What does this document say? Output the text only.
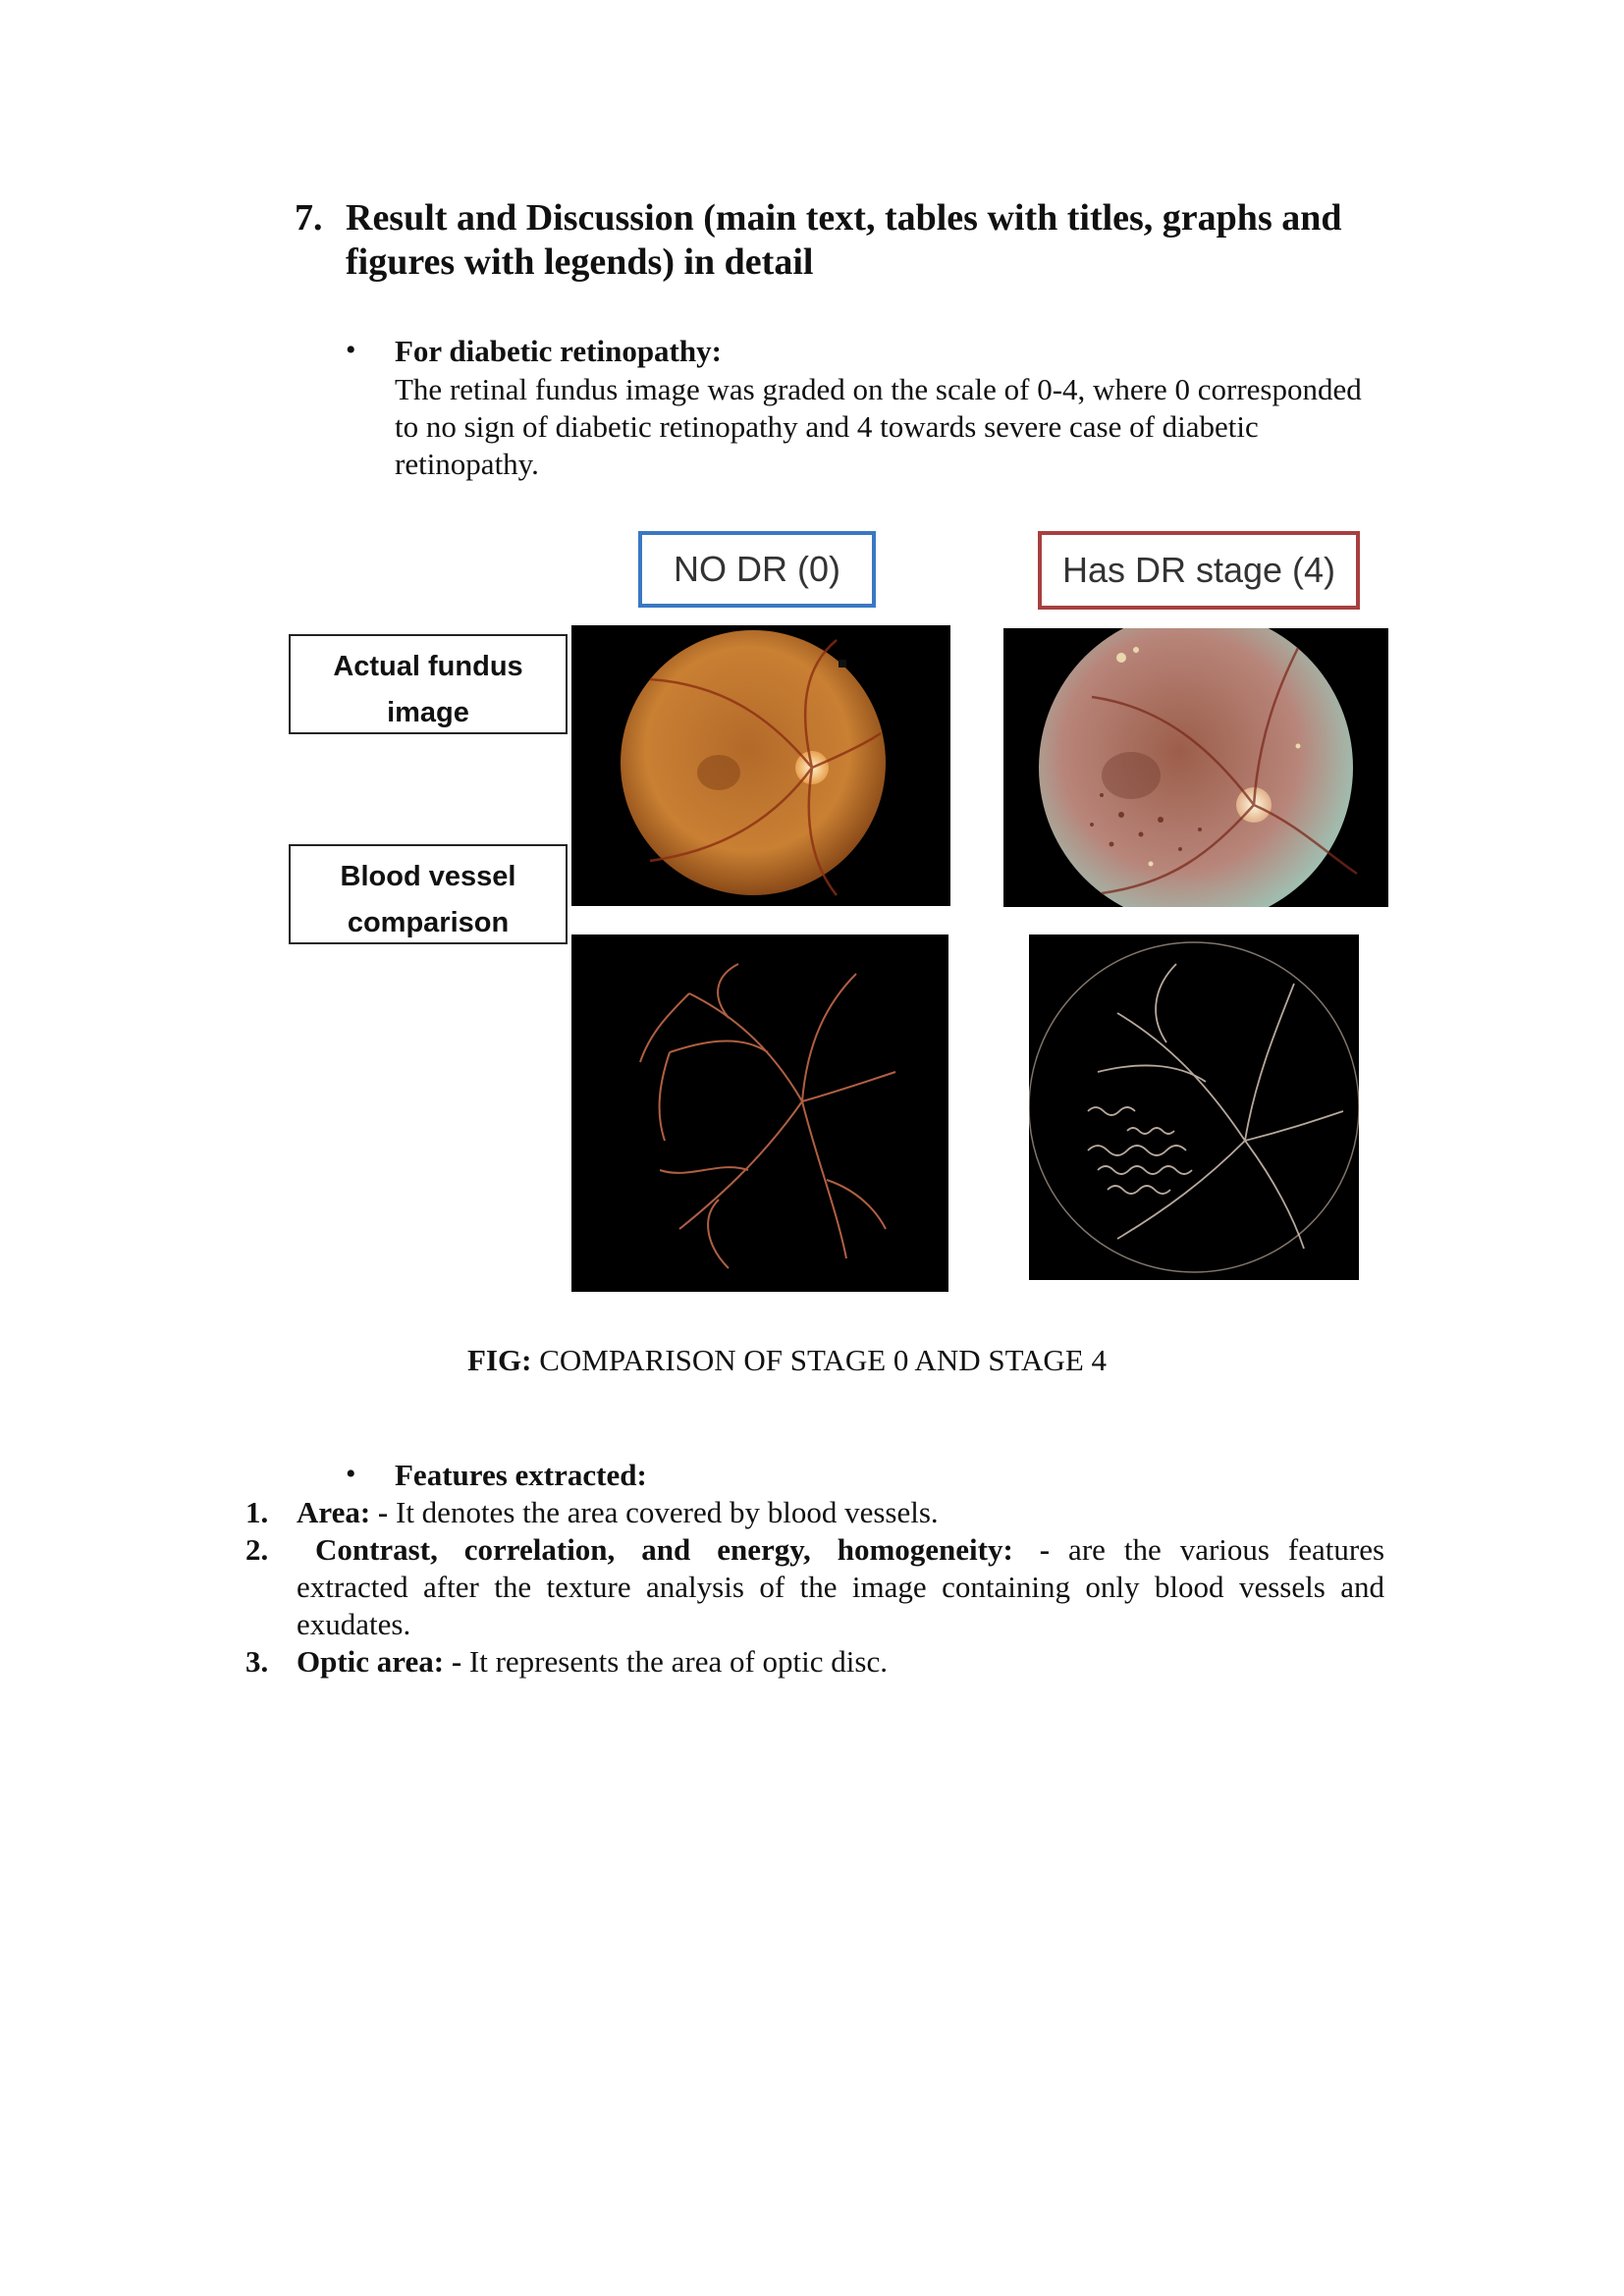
7. Result and Discussion (main text, tables with titles, graphs and figures with legends) in detail
• For diabetic retinopathy:
The retinal fundus image was graded on the scale of 0-4, where 0 corresponded to no sign of diabetic retinopathy and 4 towards severe case of diabetic retinopathy.
NO DR (0)	Has DR stage (4)
Actual fundus image
Blood vessel comparison
FIG: COMPARISON OF STAGE 0 AND STAGE 4
• Features extracted:
1. Area: - It denotes the area covered by blood vessels.
2.	Contrast, correlation, and energy, homogeneity: - are the various features extracted after the texture analysis of the image containing only blood vessels and exudates.
3. Optic area: - It represents the area of optic disc.
